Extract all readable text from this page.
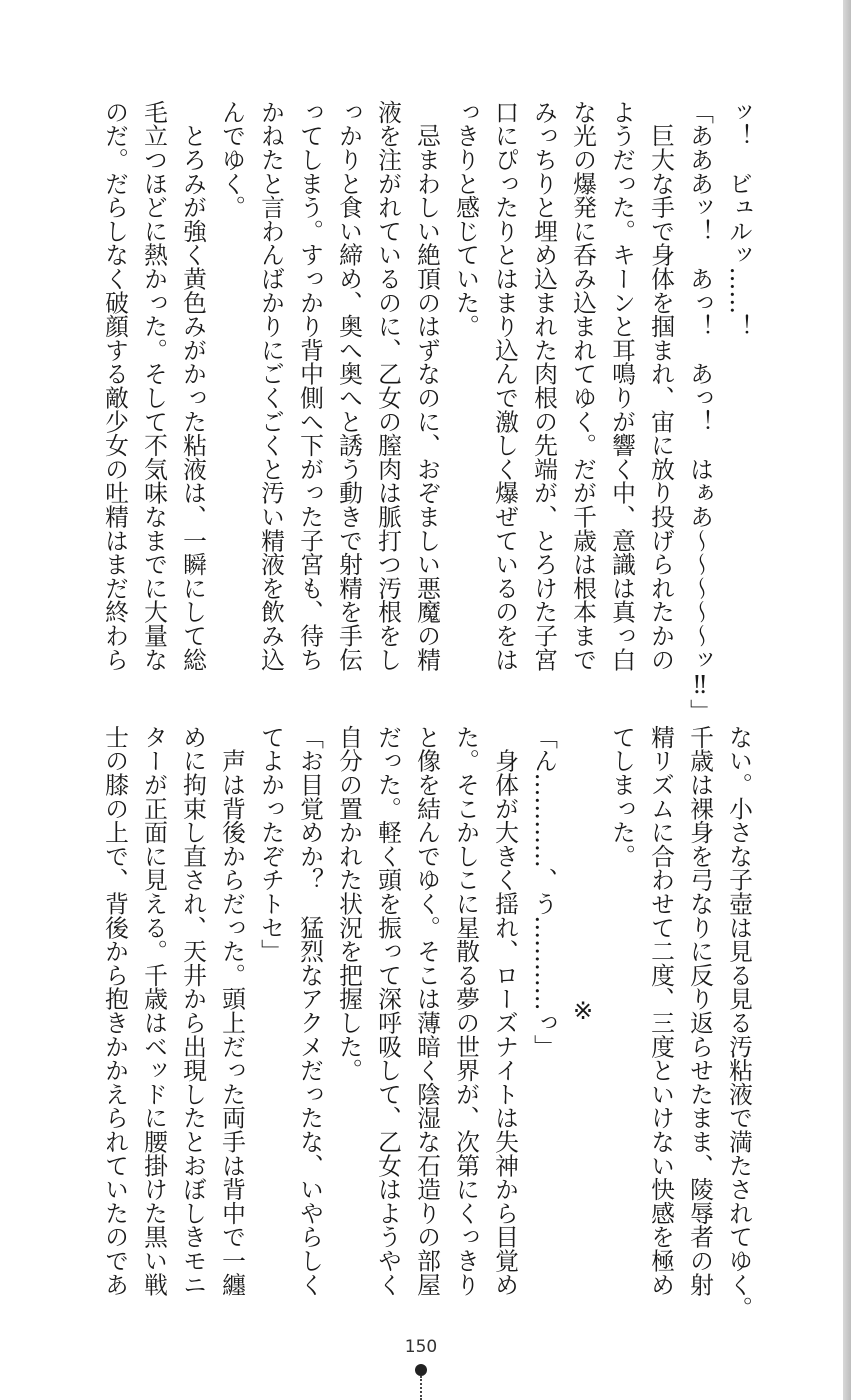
ッ！　ビュルッ……！
「あああッ！　あっ！　あっ！　はぁあ〜〜〜〜〜ッ‼」
　巨大な手で身体を掴まれ、宙に放り投げられたかの
ようだった。キーンと耳鳴りが響く中、意識は真っ白
な光の爆発に呑み込まれてゆく。だが千歳は根本まで
みっちりと埋め込まれた肉根の先端が、とろけた子宮
口にぴったりとはまり込んで激しく爆ぜているのをは
っきりと感じていた。
　忌まわしい絶頂のはずなのに、おぞましい悪魔の精
液を注がれているのに、乙女の膣肉は脈打つ汚根をし
っかりと食い締め、奥へ奥へと誘う動きで射精を手伝
ってしまう。すっかり背中側へ下がった子宮も、待ち
かねたと言わんばかりにごくごくと汚い精液を飲み込
んでゆく。
　とろみが強く黄色みがかった粘液は、一瞬にして総
毛立つほどに熱かった。そして不気味なまでに大量な
のだ。だらしなく破顔する敵少女の吐精はまだ終わら
ない。小さな子壺は見る見る汚粘液で満たされてゆく。
千歳は裸身を弓なりに反り返らせたまま、陵辱者の射
精リズムに合わせて二度、三度といけない快感を極め
てしまった。
※
「ん…………、う…………っ」
　身体が大きく揺れ、ローズナイトは失神から目覚め
た。そこかしこに星散る夢の世界が、次第にくっきり
と像を結んでゆく。そこは薄暗く陰湿な石造りの部屋
だった。軽く頭を振って深呼吸して、乙女はようやく
自分の置かれた状況を把握した。
「お目覚めか？　猛烈なアクメだったな、いやらしく
てよかったぞチトセ」
　声は背後からだった。頭上だった両手は背中で一纏
めに拘束し直され、天井から出現したとおぼしきモニ
ターが正面に見える。千歳はベッドに腰掛けた黒い戦
士の膝の上で、背後から抱きかかえられていたのであ
150
